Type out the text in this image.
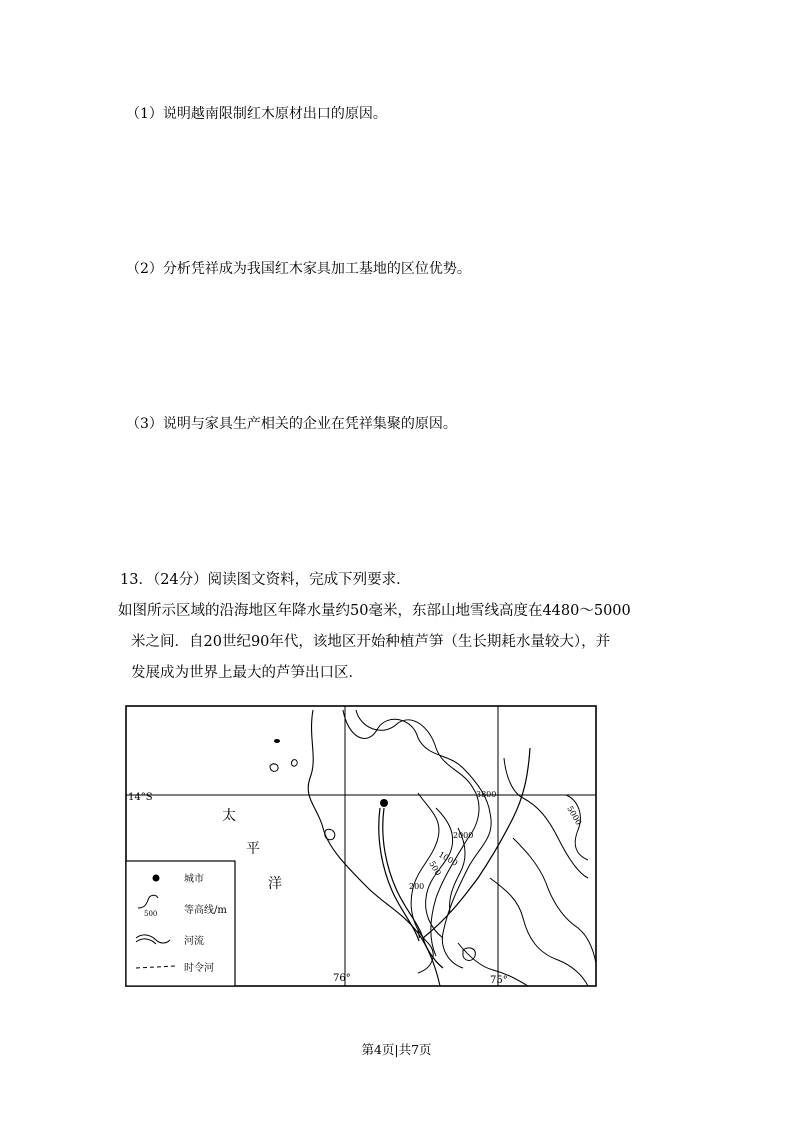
（1）说明越南限制红木原材出口的原因。
（2）分析凭祥成为我国红木家具加工基地的区位优势。
（3）说明与家具生产相关的企业在凭祥集聚的原因。
13．（24分）阅读图文资料，完成下列要求．
如图所示区域的沿海地区年降水量约50毫米，东部山地雪线高度在4480～5000
米之间．自20世纪90年代，该地区开始种植芦笋（生长期耗水量较大），并
发展成为世界上最大的芦笋出口区．
14°S
76°	75°
太
平
洋
5000
3800
2000
1000
500
200
城市
500	等高线/m
河流
时令河
第4页|共7页
